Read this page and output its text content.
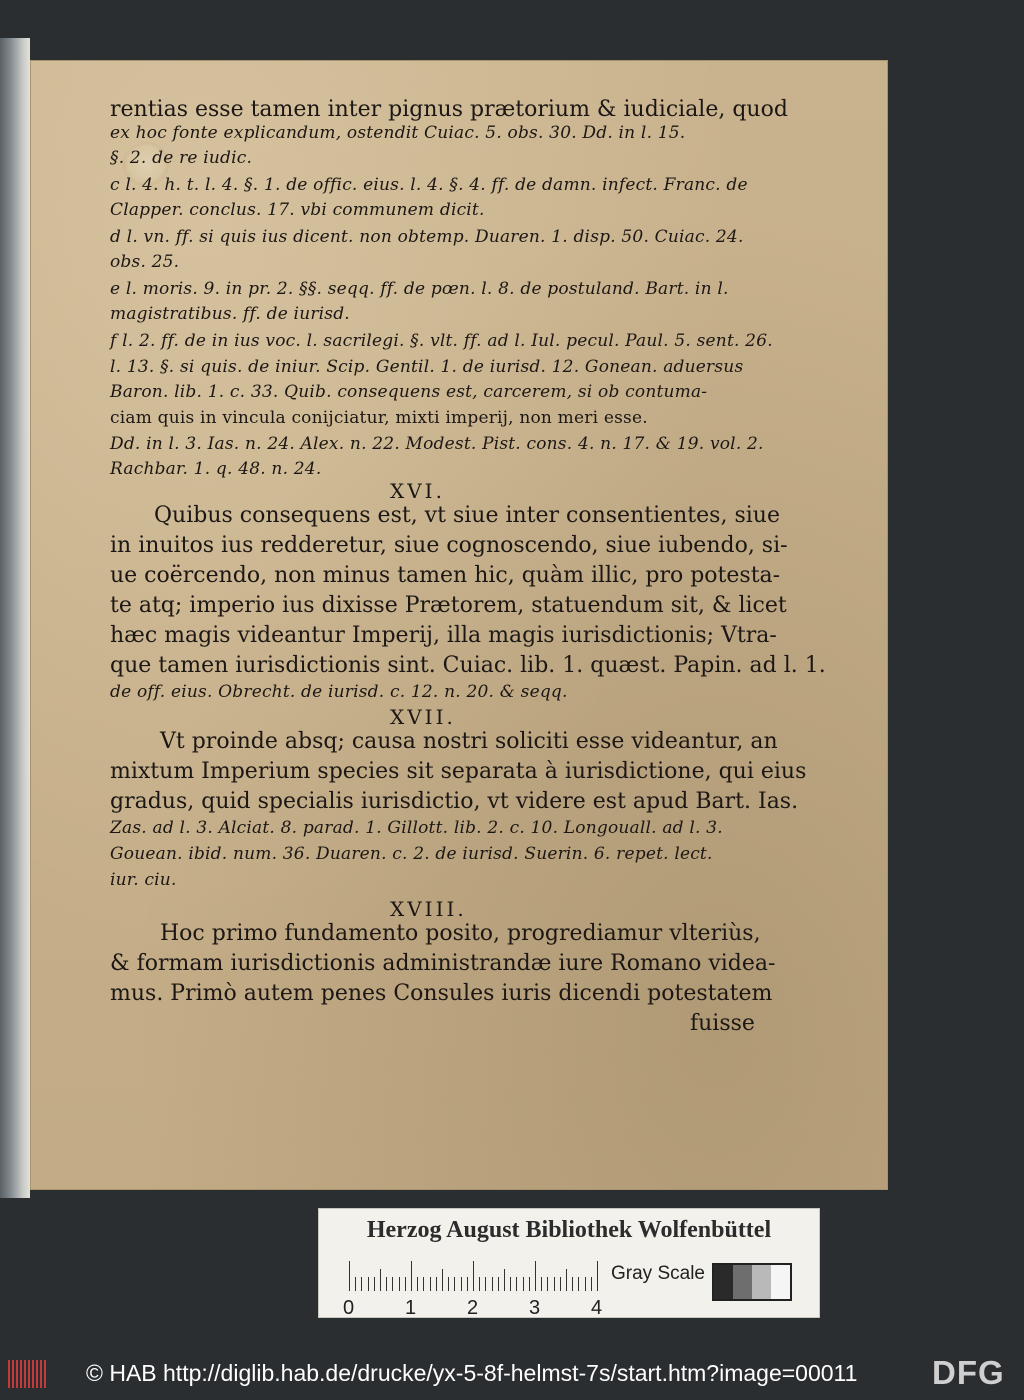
rentias esse tamen inter pignus prætorium & iudiciale, quod
ex hoc fonte explicandum, ostendit Cuiac. 5. obs. 30. Dd. in l. 15.
§. 2. de re iudic.
c l. 4. h. t. l. 4. §. 1. de offic. eius. l. 4. §. 4. ff. de damn. infect. Franc. de
Clapper. conclus. 17. vbi communem dicit.
d l. vn. ff. si quis ius dicent. non obtemp. Duaren. 1. disp. 50. Cuiac. 24.
obs. 25.
e l. moris. 9. in pr. 2. §§. seqq. ff. de pœn. l. 8. de postuland. Bart. in l.
magistratibus. ff. de iurisd.
f l. 2. ff. de in ius voc. l. sacrilegi. §. vlt. ff. ad l. Iul. pecul. Paul. 5. sent. 26.
l. 13. §. si quis. de iniur. Scip. Gentil. 1. de iurisd. 12. Gonean. aduersus
Baron. lib. 1. c. 33. Quib. consequens est, carcerem, si ob contuma-
ciam quis in vincula conijciatur, mixti imperij, non meri esse.
Dd. in l. 3. Ias. n. 24. Alex. n. 22. Modest. Pist. cons. 4. n. 17. & 19. vol. 2.
Rachbar. 1. q. 48. n. 24.
XVI.
Quibus consequens est, vt siue inter consentientes, siue
in inuitos ius redderetur, siue cognoscendo, siue iubendo, si-
ue coërcendo, non minus tamen hic, quàm illic, pro potesta-
te atq; imperio ius dixisse Prætorem, statuendum sit, & licet
hæc magis videantur Imperij, illa magis iurisdictionis; Vtra-
que tamen iurisdictionis sint. Cuiac. lib. 1. quæst. Papin. ad l. 1.
de off. eius. Obrecht. de iurisd. c. 12. n. 20. & seqq.
XVII.
Vt proinde absq; causa nostri soliciti esse videantur, an
mixtum Imperium species sit separata à iurisdictione, qui eius
gradus, quid specialis iurisdictio, vt videre est apud Bart. Ias.
Zas. ad l. 3. Alciat. 8. parad. 1. Gillott. lib. 2. c. 10. Longouall. ad l. 3.
Gouean. ibid. num. 36. Duaren. c. 2. de iurisd. Suerin. 6. repet. lect.
iur. ciu.
XVIII.
Hoc primo fundamento posito, progrediamur vlteriùs,
& formam iurisdictionis administrandæ iure Romano videa-
mus. Primò autem penes Consules iuris dicendi potestatem
fuisse
Herzog August Bibliothek Wolfenbüttel
Gray Scale
0	1	2	3	4
© HAB http://diglib.hab.de/drucke/yx-5-8f-helmst-7s/start.htm?image=00011 DFG
